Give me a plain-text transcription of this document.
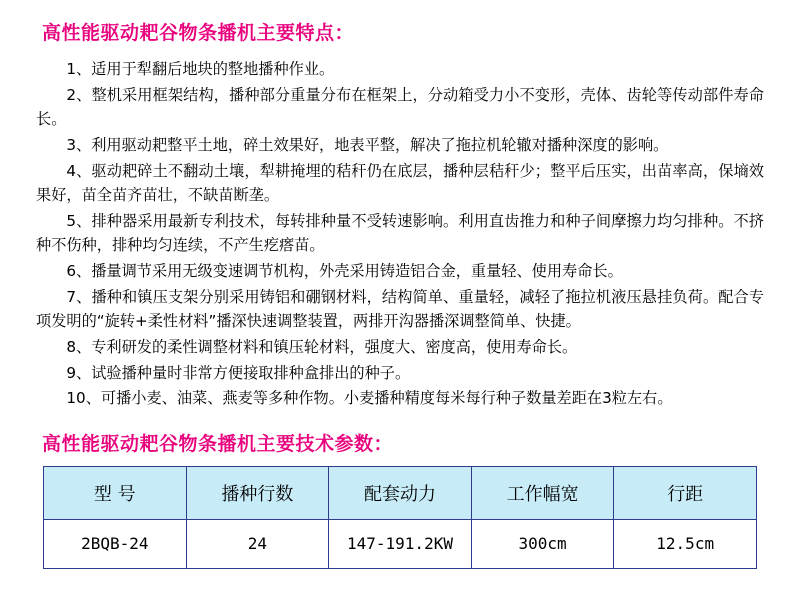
高性能驱动耙谷物条播机主要特点：

1、适用于犁翻后地块的整地播种作业。

2、整机采用框架结构，播种部分重量分布在框架上，分动箱受力小不变形，壳体、齿轮等传动部件寿命长。

3、利用驱动耙整平土地，碎土效果好，地表平整，解决了拖拉机轮辙对播种深度的影响。

4、驱动耙碎土不翻动土壤，犁耕掩埋的秸秆仍在底层，播种层秸秆少；整平后压实，出苗率高，保墒效果好，苗全苗齐苗壮，不缺苗断垄。

5、排种器采用最新专利技术，每转排种量不受转速影响。利用直齿推力和种子间摩擦力均匀排种。不挤种不伤种，排种均匀连续，不产生疙瘩苗。

6、播量调节采用无级变速调节机构，外壳采用铸造铝合金，重量轻、使用寿命长。

7、播种和镇压支架分别采用铸铝和硼钢材料，结构简单、重量轻，减轻了拖拉机液压悬挂负荷。配合专项发明的“旋转+柔性材料”播深快速调整装置，两排开沟器播深调整简单、快捷。

8、专利研发的柔性调整材料和镇压轮材料，强度大、密度高，使用寿命长。

9、试验播种量时非常方便接取排种盒排出的种子。

10、可播小麦、油菜、燕麦等多种作物。小麦播种精度每米每行种子数量差距在3粒左右。

高性能驱动耙谷物条播机主要技术参数：
型 号	播种行数	配套动力	工作幅宽	行距
2BQB-24	24	147-191.2KW	300cm	12.5cm
